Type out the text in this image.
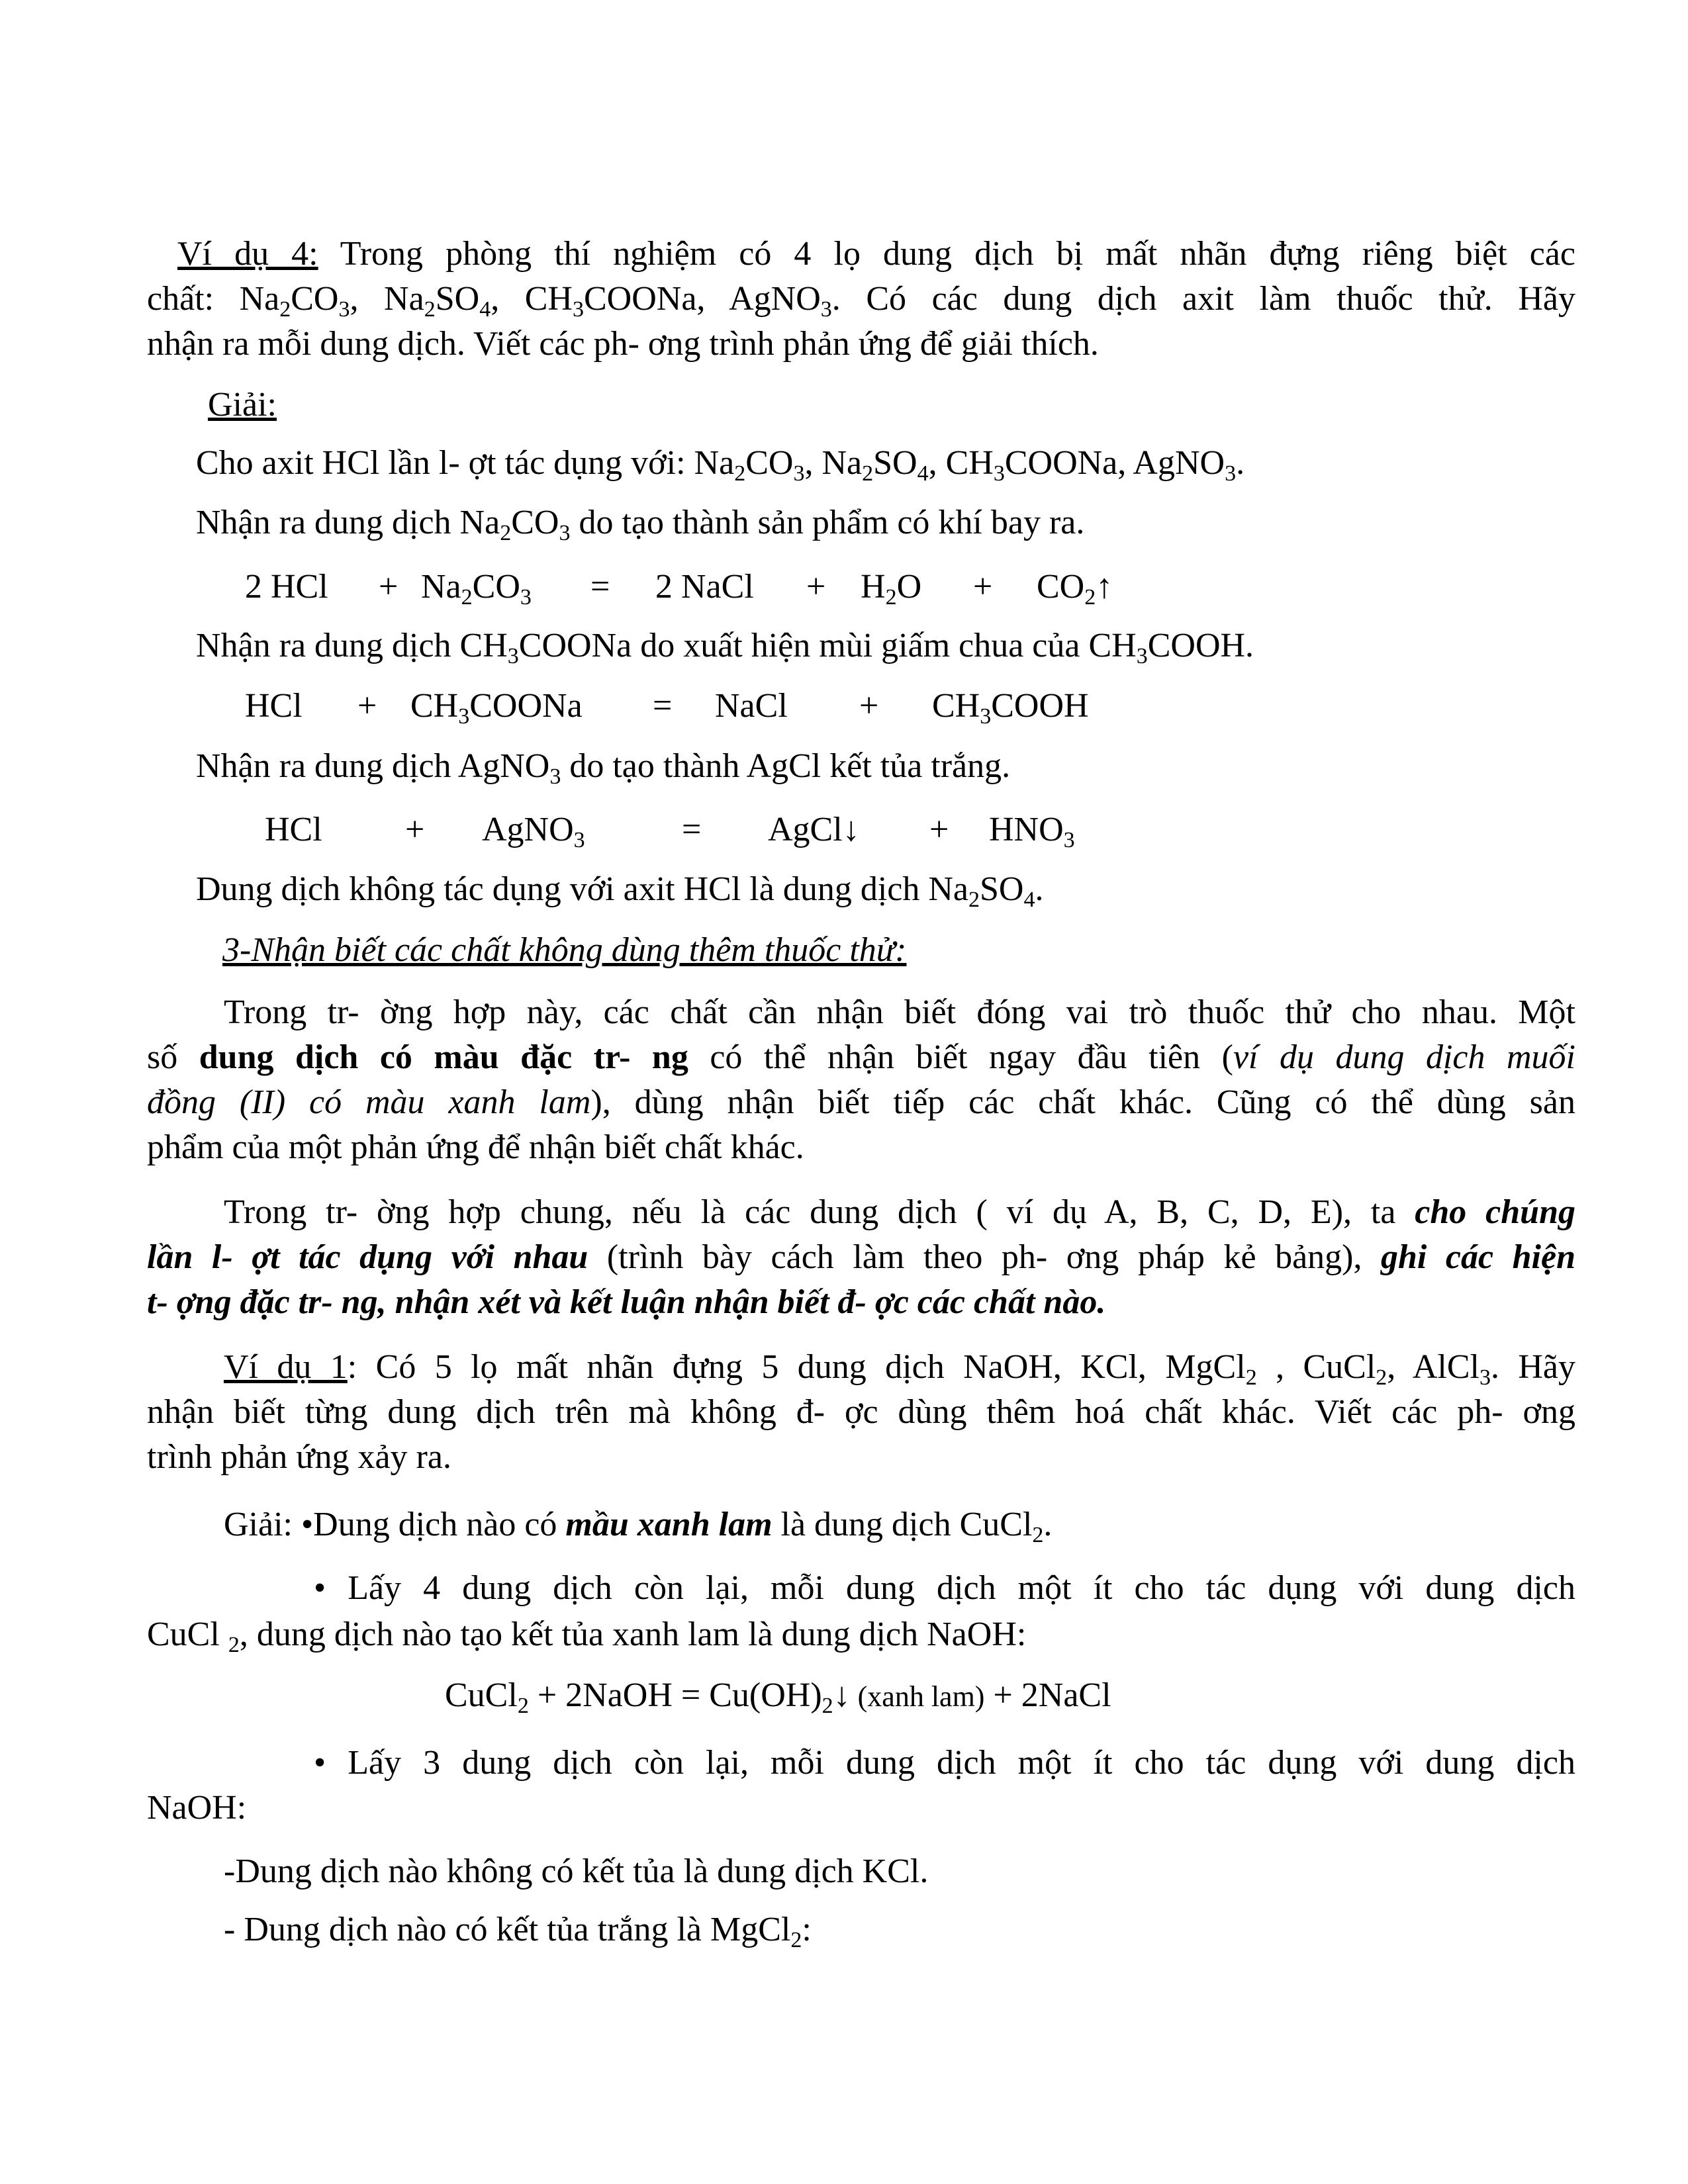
Ví dụ 4: Trong phòng thí nghiệm có 4 lọ dung dịch bị mất nhãn đựng riêng biệt các
chất: $Na_2CO_3$, $Na_2SO_4$, $CH_3COONa$, AgNO$_3$. Có các dung dịch axit làm thuốc thử. Hãy
nhận ra mỗi dung dịch. Viết các ph- ơng trình phản ứng để giải thích.
Giải:
Cho axit HCl lần l- ợt tác dụng với: $Na_2CO_3$, $Na_2SO_4$, $CH_3COONa$, AgNO$_3$.
Nhận ra dung dịch $Na_2CO_3$ do tạo thành sản phẩm có khí bay ra.
2 HCl + $Na_2CO_3 = 2$ NaCl + $H_2O$ + $CO_2↑$
Nhận ra dung dịch $CH_3COONa$ do xuất hiện mùi giấm chua của $CH_3COOH$.
HCl + $CH_3COONa$ = NaCl + $CH_3COOH$
Nhận ra dung dịch AgNO$_3$ do tạo thành AgCl kết tủa trắng.
HCl + AgNO$_3$	= AgCl↓ + $HNO_3$
Dung dịch không tác dụng với axit HCl là dung dịch $Na_2SO_4$.
3-Nhận biết các chất không dùng thêm thuốc thử:
Trong tr- ờng hợp này, các chất cần nhận biết đóng vai trò thuốc thử cho nhau. Một
số dung dịch có màu đặc tr- ng có thể nhận biết ngay đầu tiên (ví dụ dung dịch muối
đồng (II) có màu xanh lam), dùng nhận biết tiếp các chất khác. Cũng có thể dùng sản
phẩm của một phản ứng để nhận biết chất khác.
Trong tr- ờng hợp chung, nếu là các dung dịch ( ví dụ A, B, C, D, E), ta cho chúng
lần l- ợt tác dụng với nhau (trình bày cách làm theo ph- ơng pháp kẻ bảng), ghi các hiện
t- ợng đặc tr- ng, nhận xét và kết luận nhận biết đ- ợc các chất nào.
Ví dụ 1: Có 5 lọ mất nhãn đựng 5 dung dịch NaOH, KCl, MgCl$_2$ , CuCl$_2$, AlCl$_3$. Hãy
nhận biết từng dung dịch trên mà không đ- ợc dùng thêm hoá chất khác. Viết các ph- ơng
trình phản ứng xảy ra.
Giải: •Dung dịch nào có mầu xanh lam là dung dịch CuCl$_2$.
• Lấy 4 dung dịch còn lại, mỗi dung dịch một ít cho tác dụng với dung dịch
CuCl $_2$, dung dịch nào tạo kết tủa xanh lam là dung dịch NaOH:
CuCl$_2$ + 2NaOH = $Cu(OH)_2↓$ (xanh lam) + 2NaCl
• Lấy 3 dung dịch còn lại, mỗi dung dịch một ít cho tác dụng với dung dịch
NaOH:
-Dung dịch nào không có kết tủa là dung dịch KCl.
- Dung dịch nào có kết tủa trắng là MgCl$_2$:
